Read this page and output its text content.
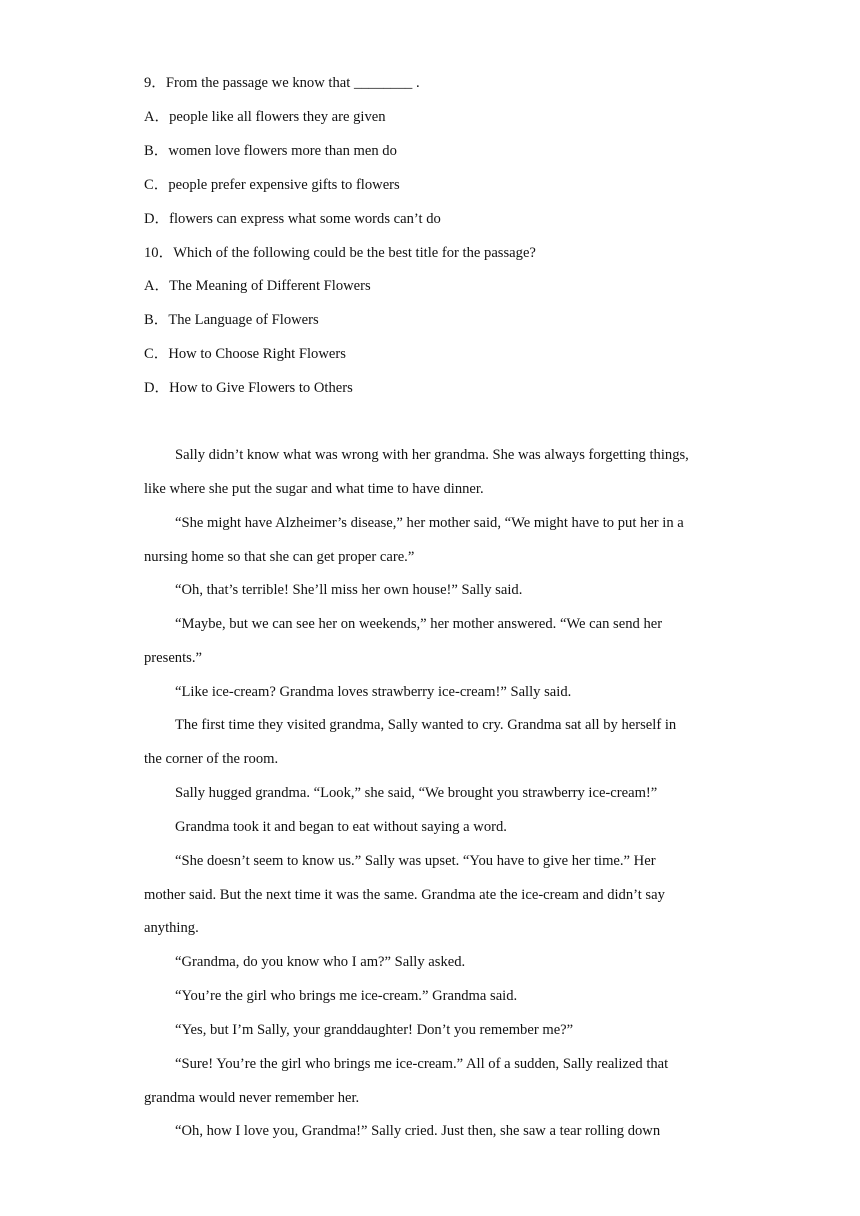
9．From the passage we know that ________ .
A．people like all flowers they are given
B．women love flowers more than men do
C．people prefer expensive gifts to flowers
D．flowers can express what some words can’t do
10．Which of the following could be the best title for the passage?
A．The Meaning of Different Flowers
B．The Language of Flowers
C．How to Choose Right Flowers
D．How to Give Flowers to Others
Sally didn’t know what was wrong with her grandma. She was always forgetting things,
like where she put the sugar and what time to have dinner.
“She might have Alzheimer’s disease,” her mother said, “We might have to put her in a
nursing home so that she can get proper care.”
“Oh, that’s terrible! She’ll miss her own house!” Sally said.
“Maybe, but we can see her on weekends,” her mother answered. “We can send her
presents.”
“Like ice-cream? Grandma loves strawberry ice-cream!” Sally said.
The first time they visited grandma, Sally wanted to cry. Grandma sat all by herself in
the corner of the room.
Sally hugged grandma. “Look,” she said, “We brought you strawberry ice-cream!”
Grandma took it and began to eat without saying a word.
“She doesn’t seem to know us.” Sally was upset. “You have to give her time.” Her
mother said. But the next time it was the same. Grandma ate the ice-cream and didn’t say
anything.
“Grandma, do you know who I am?” Sally asked.
“You’re the girl who brings me ice-cream.” Grandma said.
“Yes, but I’m Sally, your granddaughter! Don’t you remember me?”
“Sure! You’re the girl who brings me ice-cream.” All of a sudden, Sally realized that
grandma would never remember her.
“Oh, how I love you, Grandma!” Sally cried. Just then, she saw a tear rolling down
